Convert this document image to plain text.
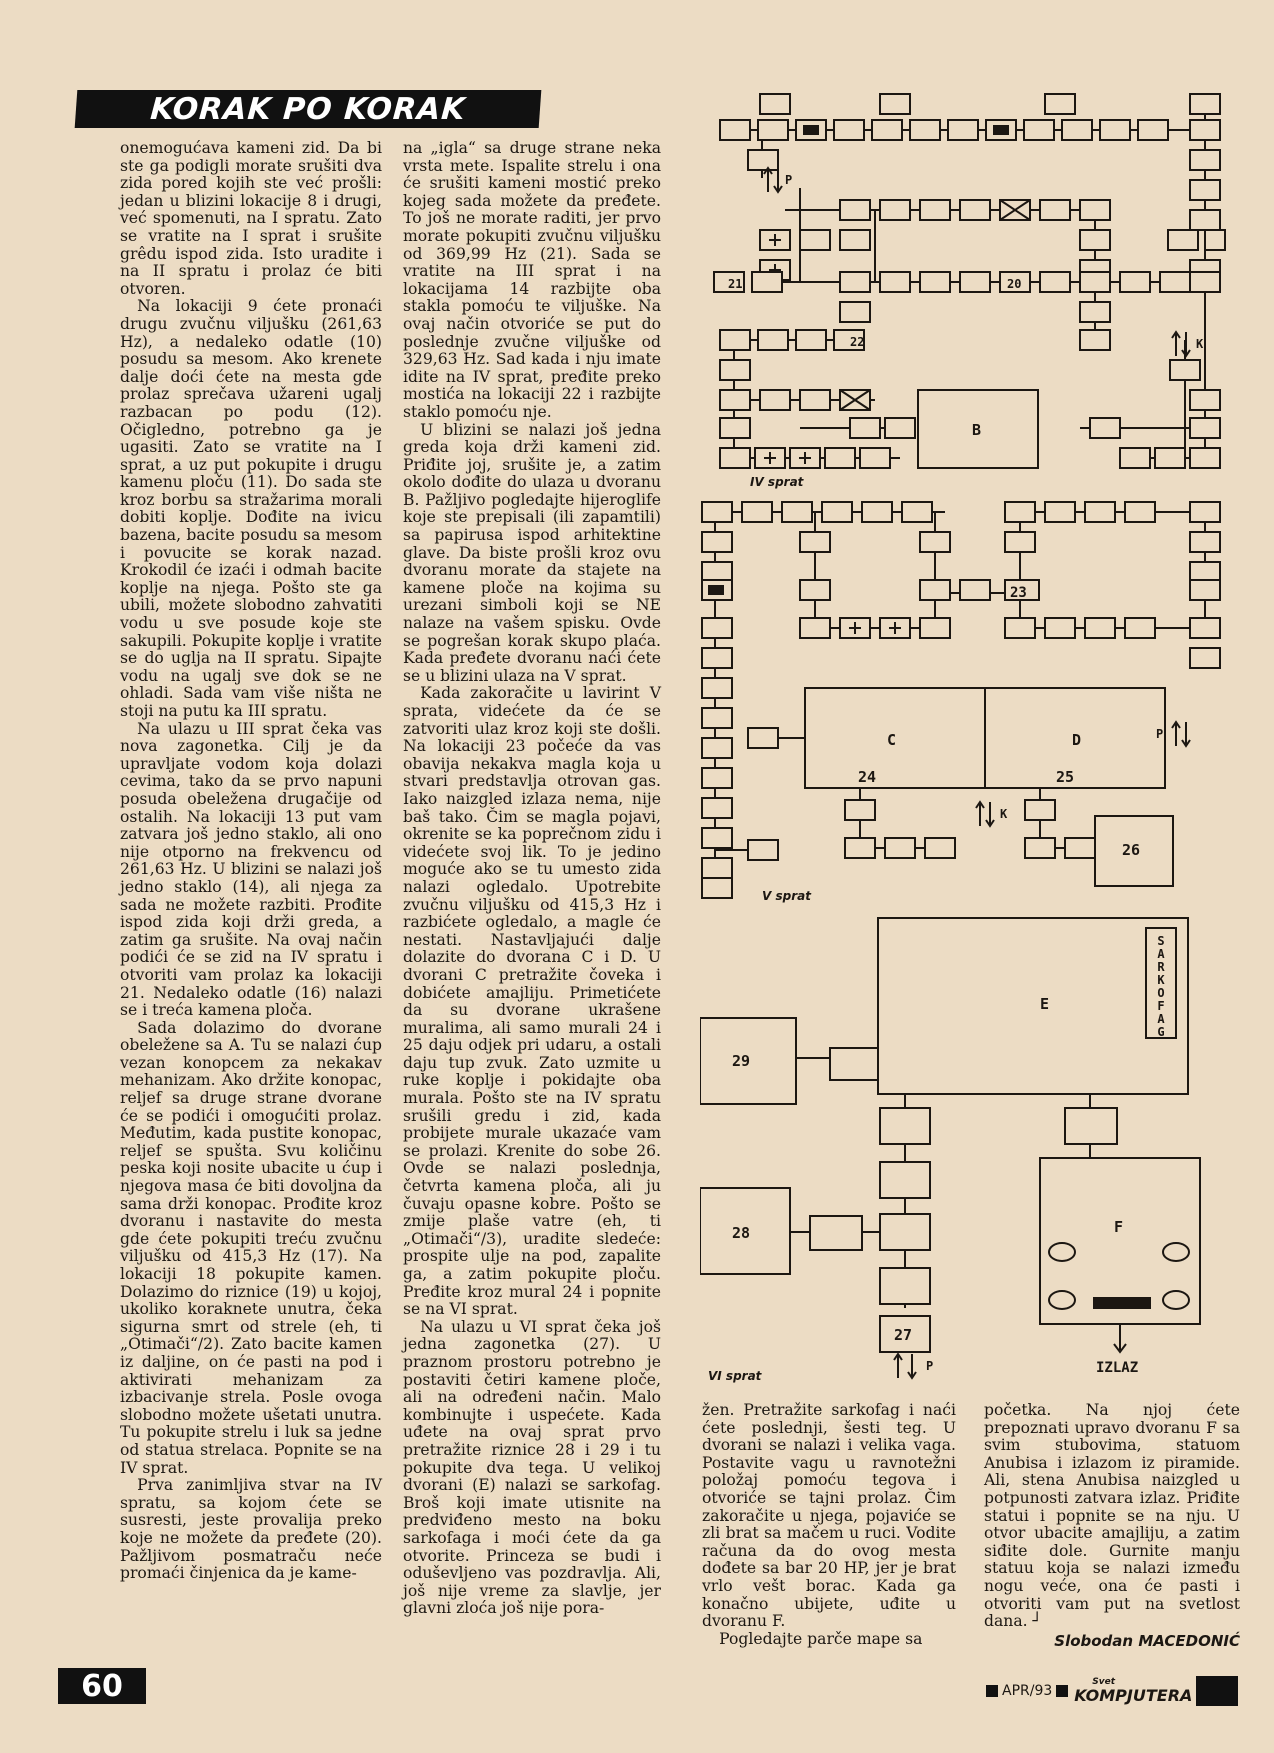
KORAK PO KORAK

onemogućava kameni zid. Da bi ste ga podigli morate srušiti dva zida pored kojih ste već prošli: jedan u blizini lokacije 8 i drugi, već spomenuti, na I spratu. Zato se vratite na I sprat i srušite grêdu ispod zida. Isto uradite i na II spratu i prolaz će biti otvoren.

Na lokaciji 9 ćete pronaći drugu zvučnu viljušku (261,63 Hz), a nedaleko odatle (10) posudu sa mesom. Ako krenete dalje doći ćete na mesta gde prolaz sprečava užareni ugalj razbacan po podu (12). Očigledno, potrebno ga je ugasiti. Zato se vratite na I sprat, a uz put pokupite i drugu kamenu ploču (11). Do sada ste kroz borbu sa stražarima morali dobiti koplje. Dođite na ivicu bazena, bacite posudu sa mesom i povucite se korak nazad. Krokodil će izaći i odmah bacite koplje na njega. Pošto ste ga ubili, možete slobodno zahvatiti vodu u sve posude koje ste sakupili. Pokupite koplje i vratite se do uglja na II spratu. Sipajte vodu na ugalj sve dok se ne ohladi. Sada vam više ništa ne stoji na putu ka III spratu.

Na ulazu u III sprat čeka vas nova zagonetka. Cilj je da upravljate vodom koja dolazi cevima, tako da se prvo napuni posuda obeležena drugačije od ostalih. Na lokaciji 13 put vam zatvara još jedno staklo, ali ono nije otporno na frekvencu od 261,63 Hz. U blizini se nalazi još jedno staklo (14), ali njega za sada ne možete razbiti. Prođite ispod zida koji drži greda, a zatim ga srušite. Na ovaj način podići će se zid na IV spratu i otvoriti vam prolaz ka lokaciji 21. Nedaleko odatle (16) nalazi se i treća kamena ploča.

Sada dolazimo do dvorane obeležene sa A. Tu se nalazi ćup vezan konopcem za nekakav mehanizam. Ako držite konopac, reljef sa druge strane dvorane će se podići i omogućiti prolaz. Međutim, kada pustite konopac, reljef se spušta. Svu količinu peska koji nosite ubacite u ćup i njegova masa će biti dovoljna da sama drži konopac. Prođite kroz dvoranu i nastavite do mesta gde ćete pokupiti treću zvučnu viljušku od 415,3 Hz (17). Na lokaciji 18 pokupite kamen. Dolazimo do riznice (19) u kojoj, ukoliko koraknete unutra, čeka sigurna smrt od strele (eh, ti „Otimači“/2). Zato bacite kamen iz daljine, on će pasti na pod i aktivirati mehanizam za izbacivanje strela. Posle ovoga slobodno možete ušetati unutra. Tu pokupite strelu i luk sa jedne od statua strelaca. Popnite se na IV sprat.

Prva zanimljiva stvar na IV spratu, sa kojom ćete se susresti, jeste provalija preko koje ne možete da pređete (20). Pažljivom posmatraču neće promaći činjenica da je kame-

na „igla“ sa druge strane neka vrsta mete. Ispalite strelu i ona će srušiti kameni mostić preko kojeg sada možete da pređete. To još ne morate raditi, jer prvo morate pokupiti zvučnu viljušku od 369,99 Hz (21). Sada se vratite na III sprat i na lokacijama 14 razbijte oba stakla pomoću te viljuške. Na ovaj način otvoriće se put do poslednje zvučne viljuške od 329,63 Hz. Sad kada i nju imate idite na IV sprat, pređite preko mostića na lokaciji 22 i razbijte staklo pomoću nje.

U blizini se nalazi još jedna greda koja drži kameni zid. Priđite joj, srušite je, a zatim okolo dođite do ulaza u dvoranu B. Pažljivo pogledajte hijeroglife koje ste prepisali (ili zapamtili) sa papirusa ispod arhitektine glave. Da biste prošli kroz ovu dvoranu morate da stajete na kamene ploče na kojima su urezani simboli koji se NE nalaze na vašem spisku. Ovde se pogrešan korak skupo plaća. Kada pređete dvoranu naći ćete se u blizini ulaza na V sprat.

Kada zakoračite u lavirint V sprata, videćete da će se zatvoriti ulaz kroz koji ste došli. Na lokaciji 23 počeće da vas obavija nekakva magla koja u stvari predstavlja otrovan gas. Iako naizgled izlaza nema, nije baš tako. Čim se magla pojavi, okrenite se ka poprečnom zidu i videćete svoj lik. To je jedino moguće ako se tu umesto zida nalazi ogledalo. Upotrebite zvučnu viljušku od 415,3 Hz i razbićete ogledalo, a magle će nestati. Nastavljajući dalje dolazite do dvorana C i D. U dvorani C pretražite čoveka i dobićete amajliju. Primetićete da su dvorane ukrašene muralima, ali samo murali 24 i 25 daju odjek pri udaru, a ostali daju tup zvuk. Zato uzmite u ruke koplje i pokidajte oba murala. Pošto ste na IV spratu srušili gredu i zid, kada probijete murale ukazaće vam se prolazi. Krenite do sobe 26. Ovde se nalazi poslednja, četvrta kamena ploča, ali ju čuvaju opasne kobre. Pošto se zmije plaše vatre (eh, ti „Otimači“/3), uradite sledeće: prospite ulje na pod, zapalite ga, a zatim pokupite ploču. Pređite kroz mural 24 i popnite se na VI sprat.

Na ulazu u VI sprat čeka još jedna zagonetka (27). U praznom prostoru potrebno je postaviti četiri kamene ploče, ali na određeni način. Malo kombinujte i uspećete. Kada uđete na ovaj sprat prvo pretražite riznice 28 i 29 i tu pokupite dva tega. U velikoj dvorani (E) nalazi se sarkofag. Broš koji imate utisnite na predviđeno mesto na boku sarkofaga i moći ćete da ga otvorite. Princeza se budi i oduševljeno vas pozdravlja. Ali, još nije vreme za slavlje, jer glavni zloća još nije pora-

žen. Pretražite sarkofag i naći ćete poslednji, šesti teg. U dvorani se nalazi i velika vaga. Postavite vagu u ravnotežni položaj pomoću tegova i otvoriće se tajni prolaz. Čim zakoračite u njega, pojaviće se zli brat sa mačem u ruci. Vodite računa da do ovog mesta dođete sa bar 20 HP, jer je brat vrlo vešt borac. Kada ga konačno ubijete, uđite u dvoranu F.

Pogledajte parče mape sa

početka. Na njoj ćete prepoznati upravo dvoranu F sa svim stubovima, statuom Anubisa i izlazom iz piramide. Ali, stena Anubisa naizgled u potpunosti zatvara izlaz. Priđite statui i popnite se na nju. U otvor ubacite amajliju, a zatim siđite dole. Gurnite manju statuu koja se nalazi između nogu veće, ona će pasti i otvoriti vam put na svetlost dana. ┘

Slobodan MACEDONIĆ
21	20
22
B
23
C	D
24	25
26
E
29
28
27
F
IZLAZ
IV sprat
V sprat
VI sprat
P
K
P
K
P
S
A
R
K
O
F
A
G
60	APR/93
Svet
KOMPJUTERA
